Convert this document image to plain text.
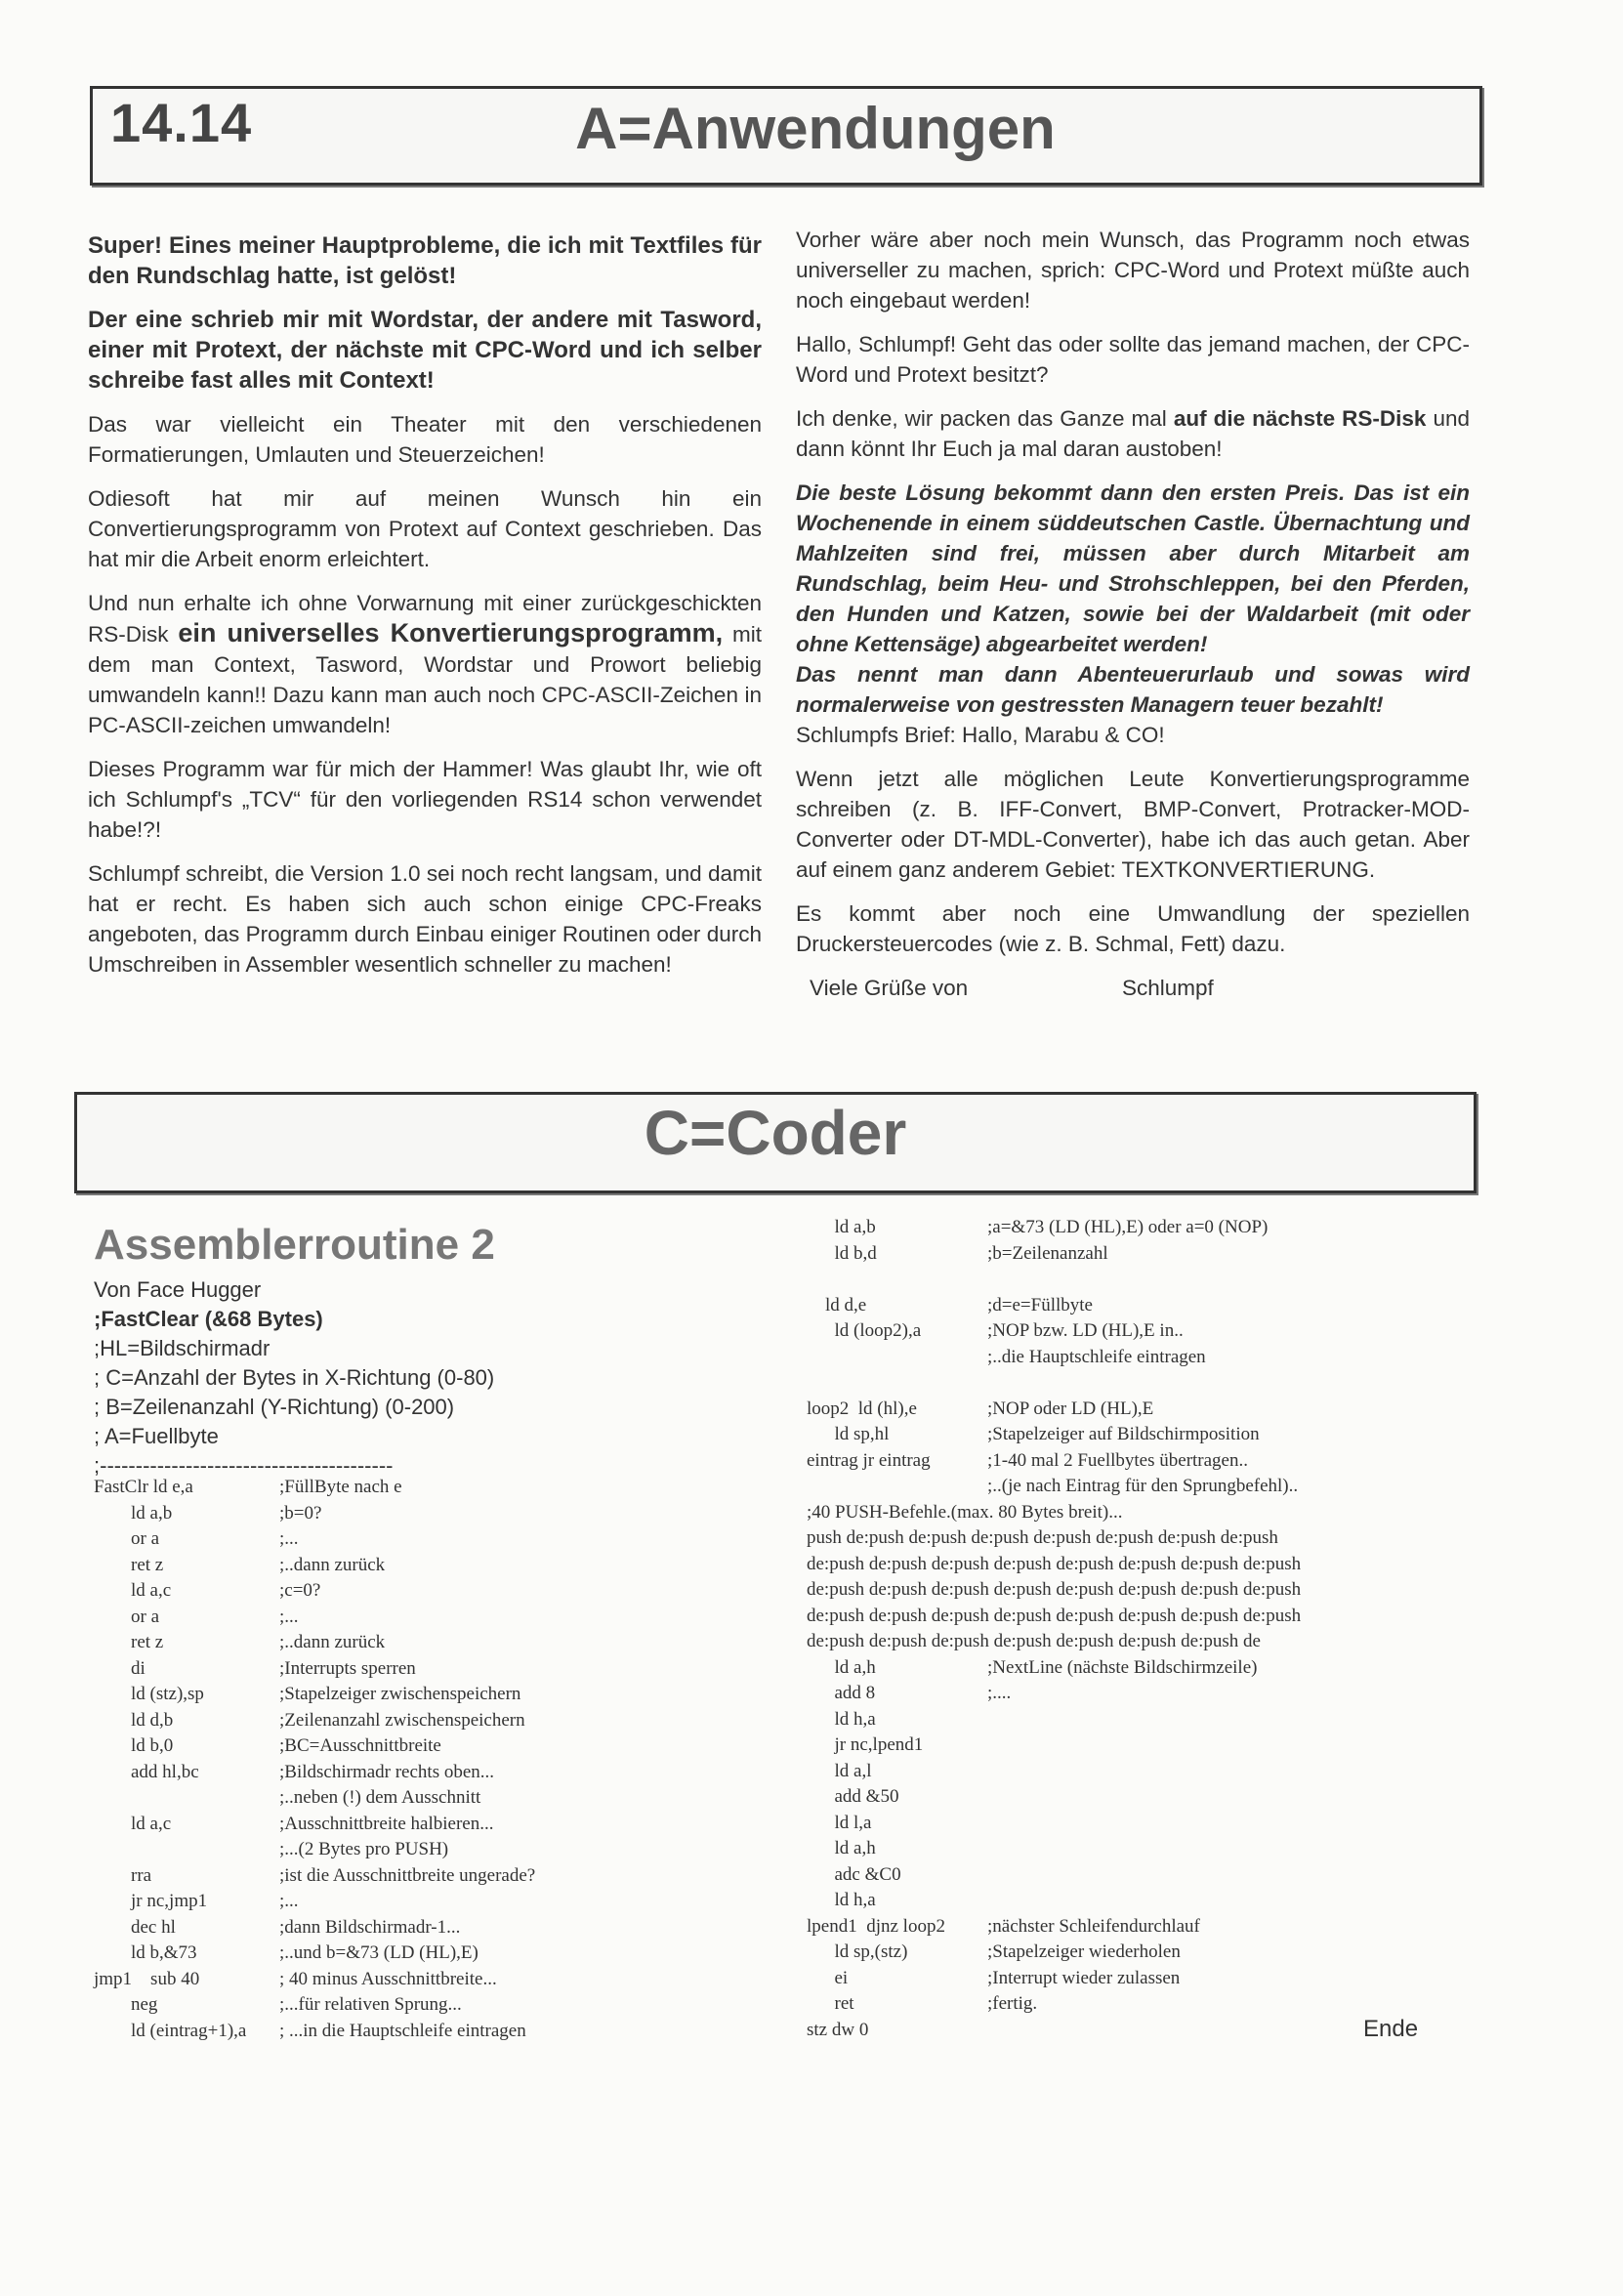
14.14	A=Anwendungen

Super! Eines meiner Hauptprobleme, die ich mit Textfiles für den Rundschlag hatte, ist gelöst!

Der eine schrieb mir mit Wordstar, der andere mit Tasword, einer mit Protext, der nächste mit CPC-Word und ich selber schreibe fast alles mit Context!

Das war vielleicht ein Theater mit den verschiedenen Formatierungen, Umlauten und Steuerzeichen!

Odiesoft hat mir auf meinen Wunsch hin ein Convertierungsprogramm von Protext auf Context geschrieben. Das hat mir die Arbeit enorm erleichtert.

Und nun erhalte ich ohne Vorwarnung mit einer zurückgeschickten RS-Disk ein universelles Konvertierungsprogramm, mit dem man Context, Tasword, Wordstar und Prowort beliebig umwandeln kann!! Dazu kann man auch noch CPC-ASCII-Zeichen in PC-ASCII-zeichen umwandeln!

Dieses Programm war für mich der Hammer! Was glaubt Ihr, wie oft ich Schlumpf's „TCV“ für den vorliegenden RS14 schon verwendet habe!?!

Schlumpf schreibt, die Version 1.0 sei noch recht langsam, und damit hat er recht. Es haben sich auch schon einige CPC-Freaks angeboten, das Programm durch Einbau einiger Routinen oder durch Umschreiben in Assembler wesentlich schneller zu machen!

Vorher wäre aber noch mein Wunsch, das Programm noch etwas universeller zu machen, sprich: CPC-Word und Protext müßte auch noch eingebaut werden!

Hallo, Schlumpf! Geht das oder sollte das jemand machen, der CPC-Word und Protext besitzt?

Ich denke, wir packen das Ganze mal auf die nächste RS-Disk und dann könnt Ihr Euch ja mal daran austoben!

Die beste Lösung bekommt dann den ersten Preis. Das ist ein Wochenende in einem süddeutschen Castle. Übernachtung und Mahlzeiten sind frei, müssen aber durch Mitarbeit am Rundschlag, beim Heu- und Strohschleppen, bei den Pferden, den Hunden und Katzen, sowie bei der Waldarbeit (mit oder ohne Kettensäge) abgearbeitet werden!

Das nennt man dann Abenteuerurlaub und sowas wird normalerweise von gestressten Managern teuer bezahlt!

Schlumpfs Brief: Hallo, Marabu & CO!

Wenn jetzt alle möglichen Leute Konvertierungsprogramme schreiben (z. B. IFF-Convert, BMP-Convert, Protracker-MOD-Converter oder DT-MDL-Converter), habe ich das auch getan. Aber auf einem ganz anderem Gebiet: TEXTKONVERTIERUNG.

Es kommt aber noch eine Umwandlung der speziellen Druckersteuercodes (wie z. B. Schmal, Fett) dazu.

Viele Grüße von	Schlumpf
C=Coder
Assemblerroutine 2
Von Face Hugger
;FastClear (&68 Bytes)
;HL=Bildschirmadr
; C=Anzahl der Bytes in X-Richtung (0-80)
; B=Zeilenanzahl (Y-Richtung) (0-200)
; A=Fuellbyte
;-----------------------------------------
FastClr ld e,a	;FüllByte nach e
ld a,b	;b=0?
or a	;...
ret z	;..dann zurück
ld a,c	;c=0?
or a	;...
ret z	;..dann zurück
di	;Interrupts sperren
ld (stz),sp	;Stapelzeiger zwischenspeichern
ld d,b	;Zeilenanzahl zwischenspeichern
ld b,0	;BC=Ausschnittbreite
add hl,bc	;Bildschirmadr rechts oben...

;..neben (!) dem Ausschnitt
ld a,c	;Ausschnittbreite halbieren...

;...(2 Bytes pro PUSH)
rra	;ist die Ausschnittbreite ungerade?
jr nc,jmp1	;...
dec hl	;dann Bildschirmadr-1...
ld b,&73	;..und b=&73 (LD (HL),E)
jmp1    sub 40	; 40 minus Ausschnittbreite...
neg	;...für relativen Sprung...
ld (eintrag+1),a	; ...in die Hauptschleife eintragen
ld a,b	;a=&73 (LD (HL),E) oder a=0 (NOP)
ld b,d	;b=Zeilenanzahl

ld d,e	;d=e=Füllbyte
ld (loop2),a	;NOP bzw. LD (HL),E in..

;..die Hauptschleife eintragen

loop2  ld (hl),e	;NOP oder LD (HL),E
ld sp,hl	;Stapelzeiger auf Bildschirmposition
eintrag jr eintrag	;1-40 mal 2 Fuellbytes übertragen..

;..(je nach Eintrag für den Sprungbefehl)..
;40 PUSH-Befehle.(max. 80 Bytes breit)...
push de:push de:push de:push de:push de:push de:push de:push
de:push de:push de:push de:push de:push de:push de:push de:push
de:push de:push de:push de:push de:push de:push de:push de:push
de:push de:push de:push de:push de:push de:push de:push de:push
de:push de:push de:push de:push de:push de:push de:push de
ld a,h	;NextLine (nächste Bildschirmzeile)
add 8	;....
ld h,a
jr nc,lpend1
ld a,l
add &50
ld l,a
ld a,h
adc &C0
ld h,a
lpend1  djnz loop2	;nächster Schleifendurchlauf
ld sp,(stz)	;Stapelzeiger wiederholen
ei	;Interrupt wieder zulassen
ret	;fertig.
stz dw 0	Ende
